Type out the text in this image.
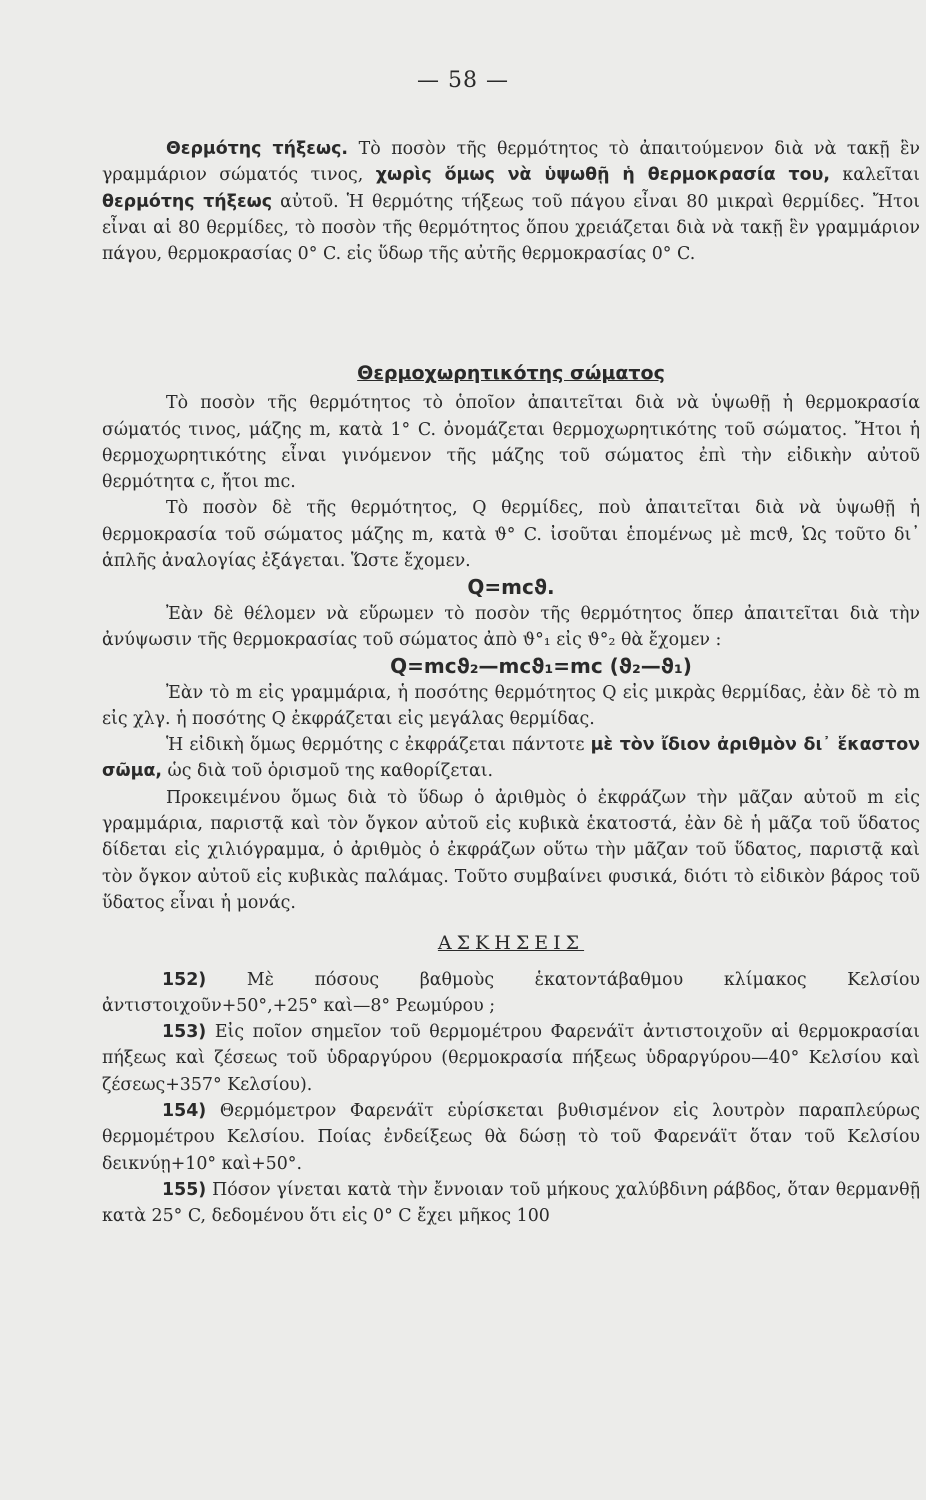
— 58 —

Θερμότης τήξεως. Τὸ ποσὸν τῆς θερμότητος τὸ ἀπαιτούμενον διὰ νὰ τακῇ ἓν γραμμάριον σώματός τινος, χωρὶς ὅμως νὰ ὑψωθῇ ἡ θερμοκρασία του, καλεῖται θερμότης τήξεως αὐτοῦ. Ἡ θερμότης τήξεως τοῦ πάγου εἶναι 80 μικραὶ θερμίδες. Ἤτοι εἶναι αἱ 80 θερμίδες, τὸ ποσὸν τῆς θερμότητος ὅπου χρειάζεται διὰ νὰ τακῇ ἓν γραμμάριον πάγου, θερμοκρασίας 0° C. εἰς ὕδωρ τῆς αὐτῆς θερμοκρασίας 0° C.

Θερμοχωρητικότης σώματος

Τὸ ποσὸν τῆς θερμότητος τὸ ὁποῖον ἀπαιτεῖται διὰ νὰ ὑψωθῇ ἡ θερμοκρασία σώματός τινος, μάζης m, κατὰ 1° C. ὀνομάζεται θερμοχωρητικότης τοῦ σώματος. Ἤτοι ἡ θερμοχωρητικότης εἶναι γινόμενον τῆς μάζης τοῦ σώματος ἐπὶ τὴν εἰδικὴν αὐτοῦ θερμότητα c, ἤτοι mc.

Τὸ ποσὸν δὲ τῆς θερμότητος, Q θερμίδες, ποὺ ἀπαιτεῖται διὰ νὰ ὑψωθῇ ἡ θερμοκρασία τοῦ σώματος μάζης m, κατὰ ϑ° C. ἰσοῦται ἑπομένως μὲ mcϑ, Ὡς τοῦτο δι᾽ ἁπλῆς ἀναλογίας ἐξάγεται. Ὥστε ἔχομεν.

Q=mcϑ.

Ἐὰν δὲ θέλομεν νὰ εὕρωμεν τὸ ποσὸν τῆς θερμότητος ὅπερ ἀπαιτεῖται διὰ τὴν ἀνύψωσιν τῆς θερμοκρασίας τοῦ σώματος ἀπὸ ϑ°₁ εἰς ϑ°₂ θὰ ἔχομεν :

Q=mcϑ₂—mcϑ₁=mc (ϑ₂—ϑ₁)

Ἐὰν τὸ m εἰς γραμμάρια, ἡ ποσότης θερμότητος Q εἰς μικρὰς θερμίδας, ἐὰν δὲ τὸ m εἰς χλγ. ἡ ποσότης Q ἐκφράζεται εἰς μεγάλας θερμίδας.

Ἡ εἰδικὴ ὅμως θερμότης c ἐκφράζεται πάντοτε μὲ τὸν ἴδιον ἀριθμὸν δι᾽ ἕκαστον σῶμα, ὡς διὰ τοῦ ὁρισμοῦ της καθορίζεται.

Προκειμένου ὅμως διὰ τὸ ὕδωρ ὁ ἀριθμὸς ὁ ἐκφράζων τὴν μᾶζαν αὐτοῦ m εἰς γραμμάρια, παριστᾷ καὶ τὸν ὄγκον αὐτοῦ εἰς κυβικὰ ἑκατοστά, ἐὰν δὲ ἡ μᾶζα τοῦ ὕδατος δίδεται εἰς χιλιόγραμμα, ὁ ἀριθμὸς ὁ ἐκφράζων οὕτω τὴν μᾶζαν τοῦ ὕδατος, παριστᾷ καὶ τὸν ὄγκον αὐτοῦ εἰς κυβικὰς παλάμας. Τοῦτο συμβαίνει φυσικά, διότι τὸ εἰδικὸν βάρος τοῦ ὕδατος εἶναι ἡ μονάς.

ΑΣΚΗΣΕΙΣ

152) Μὲ πόσους βαθμοὺς ἑκατοντάβαθμου κλίμακος Κελσίου ἀντιστοιχοῦν+50°,+25° καὶ—8° Ρεωμύρου ;

153) Εἰς ποῖον σημεῖον τοῦ θερμομέτρου Φαρενάϊτ ἀντιστοιχοῦν αἱ θερμοκρασίαι πήξεως καὶ ζέσεως τοῦ ὑδραργύρου (θερμοκρασία πήξεως ὑδραργύρου—40° Κελσίου καὶ ζέσεως+357° Κελσίου).

154) Θερμόμετρον Φαρενάϊτ εὑρίσκεται βυθισμένον εἰς λουτρὸν παραπλεύρως θερμομέτρου Κελσίου. Ποίας ἐνδείξεως θὰ δώσῃ τὸ τοῦ Φαρενάϊτ ὅταν τοῦ Κελσίου δεικνύῃ+10° καὶ+50°.

155) Πόσον γίνεται κατὰ τὴν ἔννοιαν τοῦ μήκους χαλύβδινη ράβδος, ὅταν θερμανθῇ κατὰ 25° C, δεδομένου ὅτι εἰς 0° C ἔχει μῆκος 100
